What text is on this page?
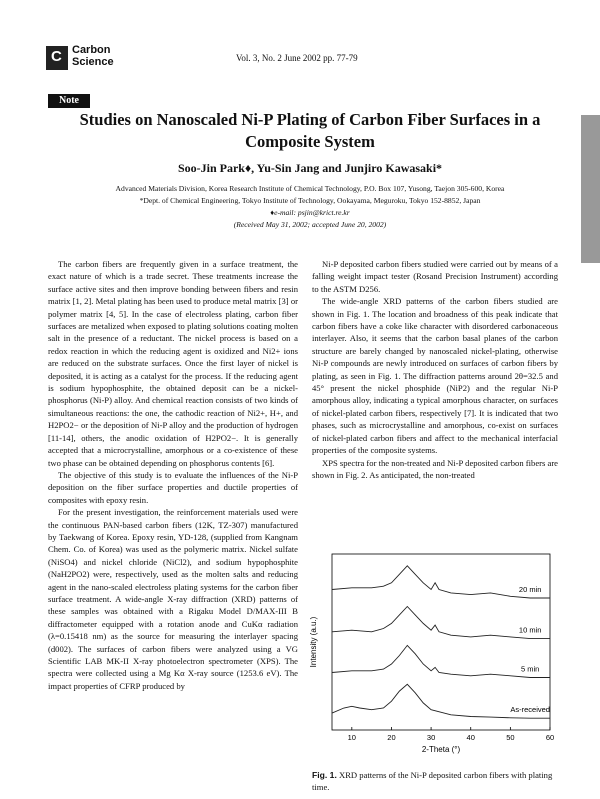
C
Carbon
Science	Vol. 3, No. 2 June 2002 pp. 77-79
Note
Studies on Nanoscaled Ni-P Plating of Carbon Fiber Surfaces in a Composite System
Soo-Jin Park♦, Yu-Sin Jang and Junjiro Kawasaki*
Advanced Materials Division, Korea Research Institute of Chemical Technology, P.O. Box 107, Yusong, Taejon 305-600, Korea
*Dept. of Chemical Engineering, Tokyo Institute of Technology, Ookayama, Meguroku, Tokyo 152-8852, Japan
♦e-mail: psjin@krict.re.kr
(Received May 31, 2002; accepted June 20, 2002)

The carbon fibers are frequently given in a surface treatment, the exact nature of which is a trade secret. These treatments increase the surface active sites and then improve bonding between fibers and resin matrix [1, 2]. Metal plating has been used to produce metal matrix [3] or polymer matrix [4, 5]. In the case of electroless plating, carbon fiber surfaces are metalized when exposed to plating solutions coating molten salt in the presence of a reductant. The nickel process is based on a redox reaction in which the reducing agent is oxidized and Ni2+ ions are reduced on the substrate surfaces. Once the first layer of nickel is deposited, it is acting as a catalyst for the process. If the reducing agent is sodium hypophosphite, the obtained deposit can be a nickel-phosphorus (Ni-P) alloy. And chemical reaction consists of two kinds of simultaneous reactions: the one, the cathodic reaction of Ni2+, H+, and H2PO2− or the deposition of Ni-P alloy and the production of hydrogen [11-14], others, the anodic oxidation of H2PO2−. It is generally accepted that a microcrystalline, amorphous or a co-existence of these two phase can be obtained depending on phosphorus contents [6].

The objective of this study is to evaluate the influences of the Ni-P deposition on the fiber surface properties and ductile properties of composites with epoxy resin.

For the present investigation, the reinforcement materials used were the continuous PAN-based carbon fibers (12K, TZ-307) manufactured by Taekwang of Korea. Epoxy resin, YD-128, (supplied from Kangnam Chem. Co. of Korea) was used as the polymeric matrix. Nickel sulfate (NiSO4) and nickel chloride (NiCl2), and sodium hypophosphite (NaH2PO2) were, respectively, used as the molten salts and reducing agent in the nano-scaled electroless plating systems for the carbon fiber surface treatment. A wide-angle X-ray diffraction (XRD) patterns of these samples was obtained with a Rigaku Model D/MAX-III B diffractometer equipped with a rotation anode and CuKα radiation (λ=0.15418 nm) as the source for measuring the interlayer spacing (d002). The surfaces of carbon fibers were analyzed using a VG Scientific LAB MK-II X-ray photoelectron spectrometer (XPS). The spectra were collected using a Mg Kα X-ray source (1253.6 eV). The impact properties of CFRP produced by

Ni-P deposited carbon fibers studied were carried out by means of a falling weight impact tester (Rosand Precision Instrument) according to the ASTM D256.

The wide-angle XRD patterns of the carbon fibers studied are shown in Fig. 1. The location and broadness of this peak indicate that carbon fibers have a coke like character with disordered carbonaceous interlayer. Also, it seems that the carbon basal planes of the carbon structure are barely changed by nanoscaled nickel-plating, otherwise Ni-P compounds are newly introduced on surfaces of carbon fibers by plating, as seen in Fig. 1. The diffraction patterns around 2θ=32.5 and 45° present the nickel phosphide (NiP2) and the regular Ni-P amorphous alloy, indicating a typical amorphous character, on surfaces of nickel-plated carbon fibers, respectively [7]. It is indicated that two phases, such as microcrystalline and amorphous, co-exist on surfaces of nickel-plated carbon fibers and affect to the mechanical interfacial properties of the composite systems.

XPS spectra for the non-treated and Ni-P deposited carbon fibers are shown in Fig. 2. As anticipated, the non-treated

10	20	30	40	50	60
2-Theta (°)
Intensity (a.u.)
20 min
10 min
5 min
As-received
Fig. 1. XRD patterns of the Ni-P deposited carbon fibers with plating time.
